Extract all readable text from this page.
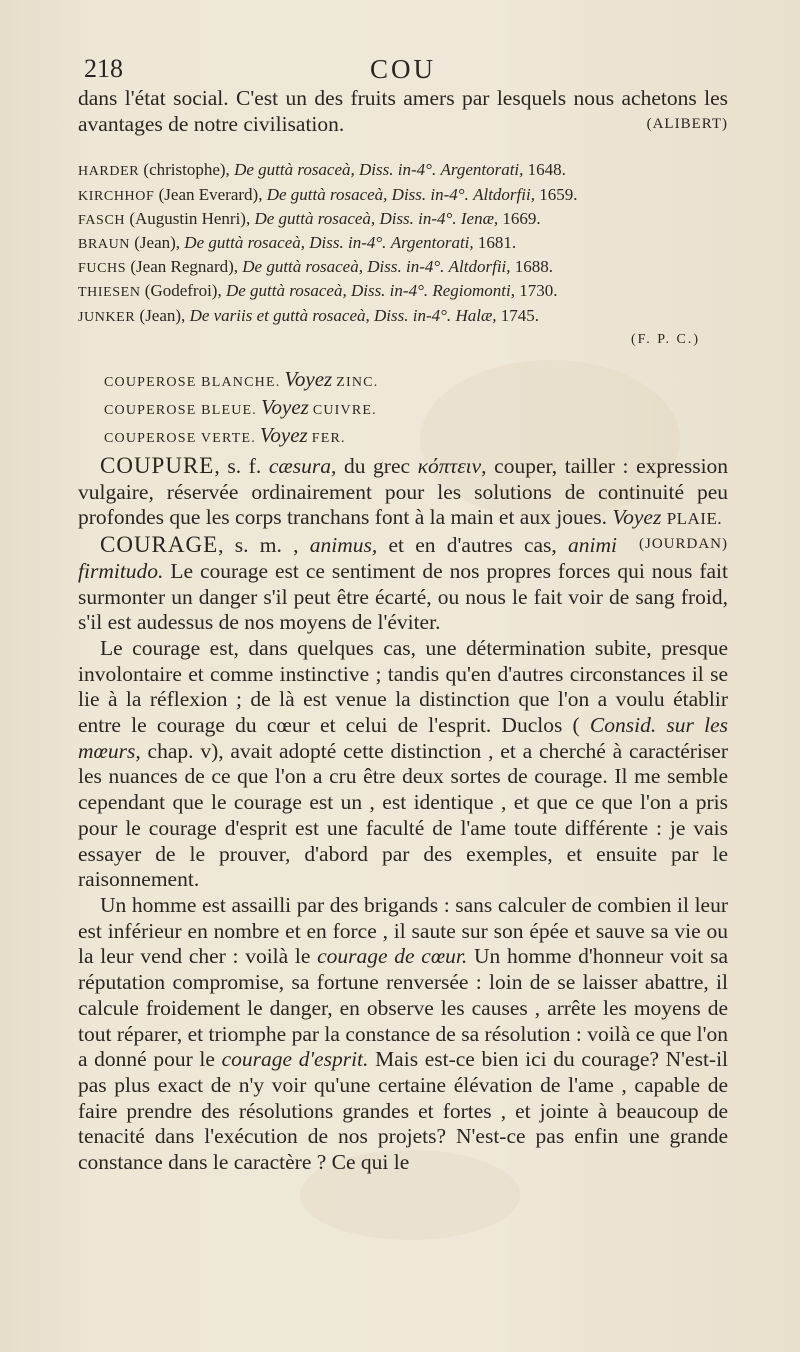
218	COU

dans l'état social. C'est un des fruits amers par lesquels nous achetons les avantages de notre civilisation.	(ALIBERT)

HARDER (christophe), De guttà rosaceà, Diss. in-4°. Argentorati, 1648.
KIRCHHOF (Jean Everard), De guttà rosaceà, Diss. in-4°. Altdorfii, 1659.
FASCH (Augustin Henri), De guttà rosaceà, Diss. in-4°. Ienæ, 1669.
BRAUN (Jean), De guttà rosaceà, Diss. in-4°. Argentorati, 1681.
FUCHS (Jean Regnard), De guttà rosaceà, Diss. in-4°. Altdorfii, 1688.
THIESEN (Godefroi), De guttà rosaceà, Diss. in-4°. Regiomonti, 1730.
JUNKER (Jean), De variis et guttà rosaceà, Diss. in-4°. Halæ, 1745.
(F. P. C.)
COUPEROSE BLANCHE. Voyez ZINC.
COUPEROSE BLEUE. Voyez CUIVRE.
COUPEROSE VERTE. Voyez FER.

COUPURE, s. f. cæsura, du grec κόπτειν, couper, tailler : expression vulgaire, réservée ordinairement pour les solutions de continuité peu profondes que les corps tranchans font à la main et aux joues. Voyez PLAIE.
(JOURDAN)

COURAGE, s. m. , animus, et en d'autres cas, animi firmitudo. Le courage est ce sentiment de nos propres forces qui nous fait surmonter un danger s'il peut être écarté, ou nous le fait voir de sang froid, s'il est audessus de nos moyens de l'éviter.

Le courage est, dans quelques cas, une détermination subite, presque involontaire et comme instinctive ; tandis qu'en d'autres circonstances il se lie à la réflexion ; de là est venue la distinction que l'on a voulu établir entre le courage du cœur et celui de l'esprit. Duclos ( Consid. sur les mœurs, chap. v), avait adopté cette distinction , et a cherché à caractériser les nuances de ce que l'on a cru être deux sortes de courage. Il me semble cependant que le courage est un , est identique , et que ce que l'on a pris pour le courage d'esprit est une faculté de l'ame toute différente : je vais essayer de le prouver, d'abord par des exemples, et ensuite par le raisonnement.

Un homme est assailli par des brigands : sans calculer de combien il leur est inférieur en nombre et en force , il saute sur son épée et sauve sa vie ou la leur vend cher : voilà le courage de cœur. Un homme d'honneur voit sa réputation compromise, sa fortune renversée : loin de se laisser abattre, il calcule froidement le danger, en observe les causes , arrête les moyens de tout réparer, et triomphe par la constance de sa résolution : voilà ce que l'on a donné pour le courage d'esprit. Mais est-ce bien ici du courage? N'est-il pas plus exact de n'y voir qu'une certaine élévation de l'ame , capable de faire prendre des résolutions grandes et fortes , et jointe à beaucoup de tenacité dans l'exécution de nos projets? N'est-ce pas enfin une grande constance dans le caractère ? Ce qui le
